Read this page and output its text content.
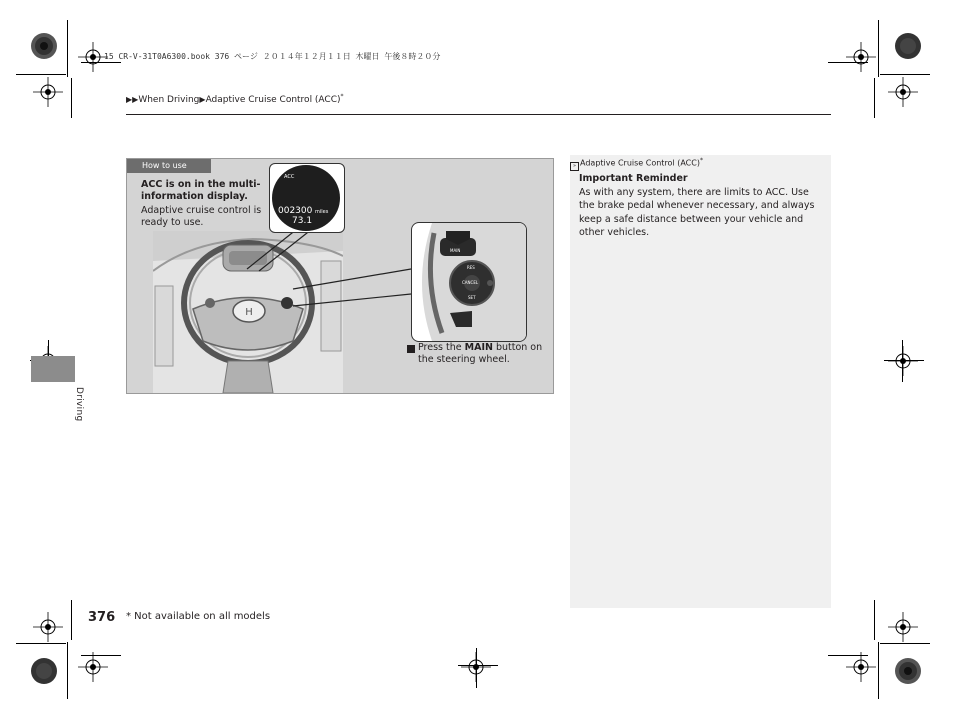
15 CR-V-31T0A6300.book 376 ページ ２０１４年１２月１１日 木曜日 午後８時２０分
▶▶When Driving▶Adaptive Cruise Control (ACC)*
Driving
How to use
H
ACC is on in the multi-information display.
Adaptive cruise control is ready to use.
ACC
002300 miles
73.1
MAIN
RES
CANCEL
SET
Press the MAIN button on the steering wheel.
» Adaptive Cruise Control (ACC)*
Important Reminder
As with any system, there are limits to ACC. Use the brake pedal whenever necessary, and always keep a safe distance between your vehicle and other vehicles.
376 * Not available on all models
